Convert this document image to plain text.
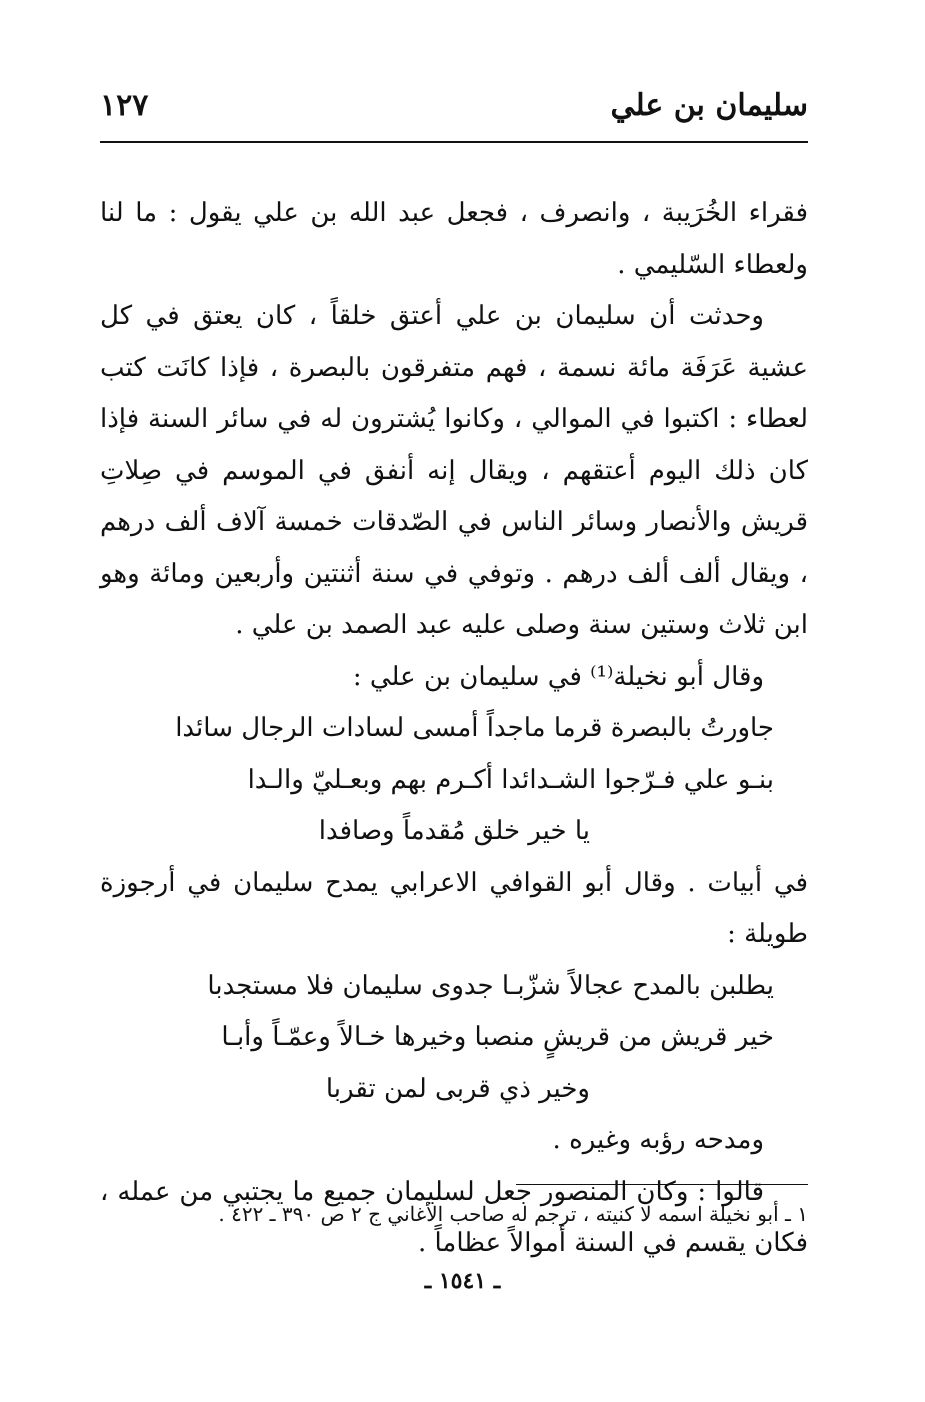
سليمان بن علي
١٢٧

فقراء الخُرَيبة ، وانصرف ، فجعل عبد الله بن علي يقول : ما لنا ولعطاء السّليمي .

وحدثت أن سليمان بن علي أعتق خلقاً ، كان يعتق في كل عشية عَرَفَة مائة نسمة ، فهم متفرقون بالبصرة ، فإذا كانَت كتب لعطاء : اكتبوا في الموالي ، وكانوا يُشترون له في سائر السنة فإذا كان ذلك اليوم أعتقهم ، ويقال إنه أنفق في الموسم في صِلاتِ قريش والأنصار وسائر الناس في الصّدقات خمسة آلاف ألف درهم ، ويقال ألف ألف درهم . وتوفي في سنة أثنتين وأربعين ومائة وهو ابن ثلاث وستين سنة وصلى عليه عبد الصمد بن علي .

وقال أبو نخيلة⁽¹⁾ في سليمان بن علي :

جاورتُ بالبصرة قرما ماجداً أمسى لسادات الرجال سائدا

بنـو علي فـرّجوا الشـدائدا أكـرم بهم وبعـليّ والـدا

يا خير خلق مُقدماً وصافدا

في أبيات . وقال أبو القوافي الاعرابي يمدح سليمان في أرجوزة طويلة :

يطلبن بالمدح عجالاً شزّبـا جدوى سليمان فلا مستجدبا

خير قريش من قريشٍ منصبا وخيرها خـالاً وعمّـاً وأبـا

وخير ذي قربى لمن تقربا

ومدحه رؤبه وغيره .

قالوا : وكان المنصور جعل لسليمان جميع ما يجتبي من عمله ، فكان يقسم في السنة أموالاً عظاماً .

١ ـ أبو نخيلة اسمه لا كنيته ، ترجم له صاحب الأغاني ج ٢ ص ٣٩٠ ـ ٤٢٢ .
ـ ١٥٤١ ـ
